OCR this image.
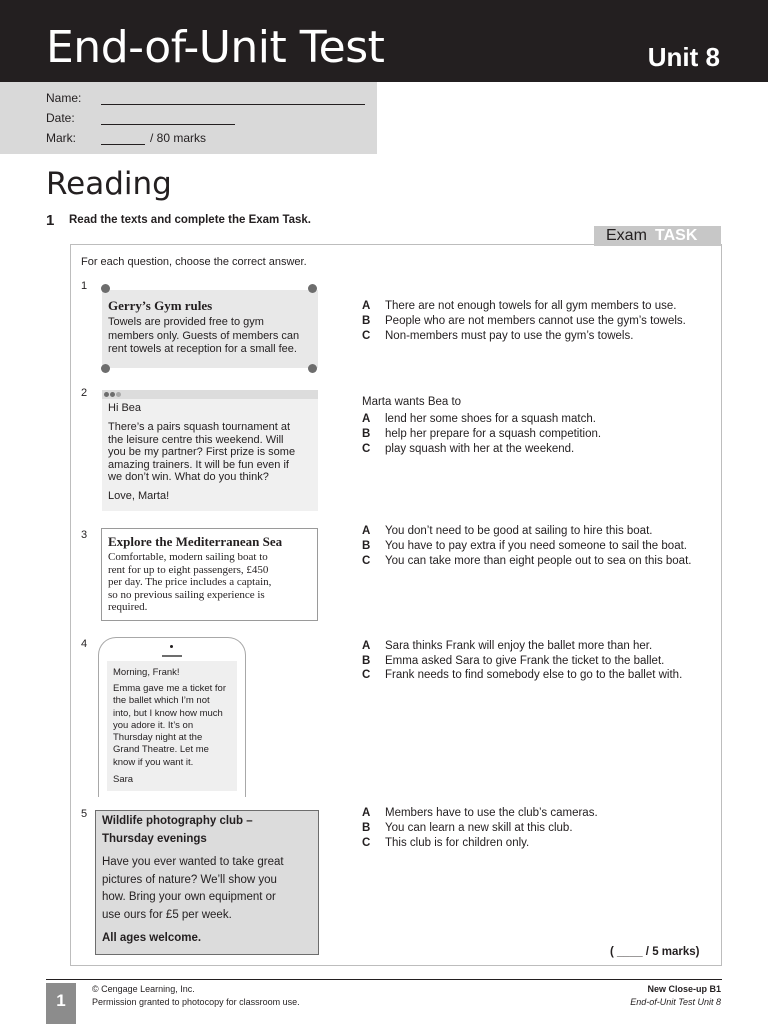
End-of-Unit Test	Unit 8
Name:
Date:
Mark:	/ 80 marks
Reading
1 Read the texts and complete the Exam Task.
Exam TASK
For each question, choose the correct answer.
1
Gerry’s Gym rules
Towels are provided free to gym
members only. Guests of members can
rent towels at reception for a small fee.
A There are not enough towels for all gym members to use.
B People who are not members cannot use the gym’s towels.
C Non-members must pay to use the gym’s towels.
2
Hi Bea
There’s a pairs squash tournament at
the leisure centre this weekend. Will
you be my partner? First prize is some
amazing trainers. It will be fun even if
we don’t win. What do you think?
Love, Marta!
Marta wants Bea to
A lend her some shoes for a squash match.
B help her prepare for a squash competition.
C play squash with her at the weekend.
3 Explore the Mediterranean Sea
Comfortable, modern sailing boat to
rent for up to eight passengers, £450
per day. The price includes a captain,
so no previous sailing experience is
required.
A You don’t need to be good at sailing to hire this boat.
B You have to pay extra if you need someone to sail the boat.
C You can take more than eight people out to sea on this boat.
4
Morning, Frank!
Emma gave me a ticket for
the ballet which I’m not
into, but I know how much
you adore it. It’s on
Thursday night at the
Grand Theatre. Let me
know if you want it.
Sara
A Sara thinks Frank will enjoy the ballet more than her.
B Emma asked Sara to give Frank the ticket to the ballet.
C Frank needs to find somebody else to go to the ballet with.
5
Wildlife photography club –
Thursday evenings
Have you ever wanted to take great
pictures of nature? We’ll show you
how. Bring your own equipment or
use ours for £5 per week.
All ages welcome.
A Members have to use the club’s cameras.
B You can learn a new skill at this club.
C This club is for children only.
( ____ / 5 marks)
1
© Cengage Learning, Inc.
Permission granted to photocopy for classroom use.
New Close-up B1
End-of-Unit Test Unit 8
